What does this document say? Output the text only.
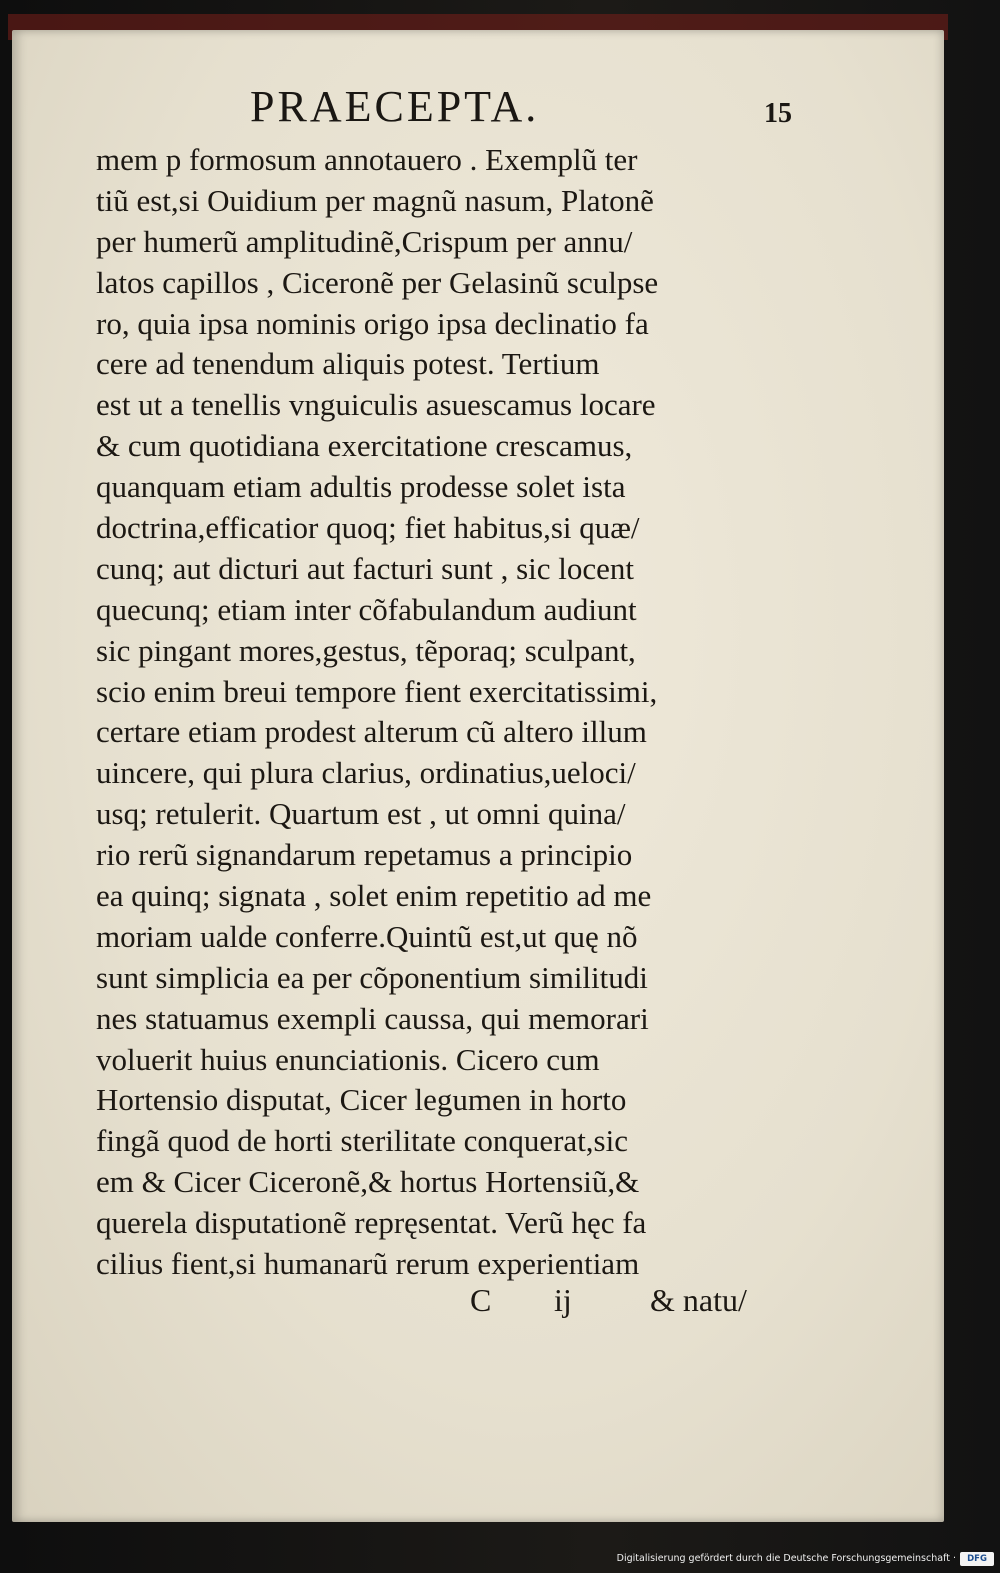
PRAECEPTA.	15
mem p formosum annotauero . Exemplũ ter
tiũ est,si Ouidium per magnũ nasum, Platonẽ
per humerũ amplitudinẽ,Crispum per annu/
latos capillos , Ciceronẽ per Gelasinũ sculpse
ro, quia ipsa nominis origo ipsa declinatio fa
cere ad tenendum aliquis potest. Tertium
est ut a tenellis vnguiculis asuescamus locare
& cum quotidiana exercitatione crescamus,
quanquam etiam adultis prodesse solet ista
doctrina,efficatior quoq; fiet habitus,si quæ/
cunq; aut dicturi aut facturi sunt , sic locent
quecunq; etiam inter cõfabulandum audiunt
sic pingant mores,gestus, tẽporaq; sculpant,
scio enim breui tempore fient exercitatissimi,
certare etiam prodest alterum cũ altero illum
uincere, qui plura clarius, ordinatius,ueloci/
usq; retulerit. Quartum est , ut omni quina/
rio rerũ signandarum repetamus a principio
ea quinq; signata , solet enim repetitio ad me
moriam ualde conferre.Quintũ est,ut quę nõ
sunt simplicia ea per cõponentium similitudi
nes statuamus exempli caussa, qui memorari
voluerit huius enunciationis. Cicero cum
Hortensio disputat, Cicer legumen in horto
fingã quod de horti sterilitate conquerat,sic
em & Cicer Ciceronẽ,& hortus Hortensiũ,&
querela disputationẽ repręsentat. Verũ hęc fa
cilius fient,si humanarũ rerum experientiam
C ij & natu/
Digitalisierung gefördert durch die Deutsche Forschungsgemeinschaft ·	DFG
